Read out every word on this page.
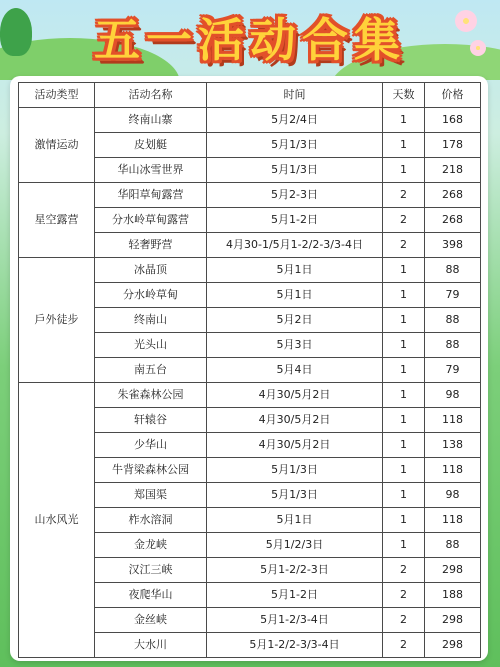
五一活动合集
活动类型	活动名称	时间	天数	价格
激情运动	终南山寨	5月2/4日	1	168
	皮划艇	5月1/3日	1	178
	华山冰雪世界	5月1/3日	1	218
星空露营	华阳草甸露营	5月2-3日	2	268
	分水岭草甸露营	5月1-2日	2	268
	轻奢野营	4月30-1/5月1-2/2-3/3-4日	2	398
戶外徒步	冰晶顶	5月1日	1	88
	分水岭草甸	5月1日	1	79
	终南山	5月2日	1	88
	光头山	5月3日	1	88
	南五台	5月4日	1	79
山水风光	朱雀森林公园	4月30/5月2日	1	98
	轩辕谷	4月30/5月2日	1	118
	少华山	4月30/5月2日	1	138
	牛背梁森林公园	5月1/3日	1	118
	郑国渠	5月1/3日	1	98
	柞水溶洞	5月1日	1	118
	金龙峡	5月1/2/3日	1	88
	汉江三峡	5月1-2/2-3日	2	298
	夜爬华山	5月1-2日	2	188
	金丝峡	5月1-2/3-4日	2	298
	大水川	5月1-2/2-3/3-4日	2	298
